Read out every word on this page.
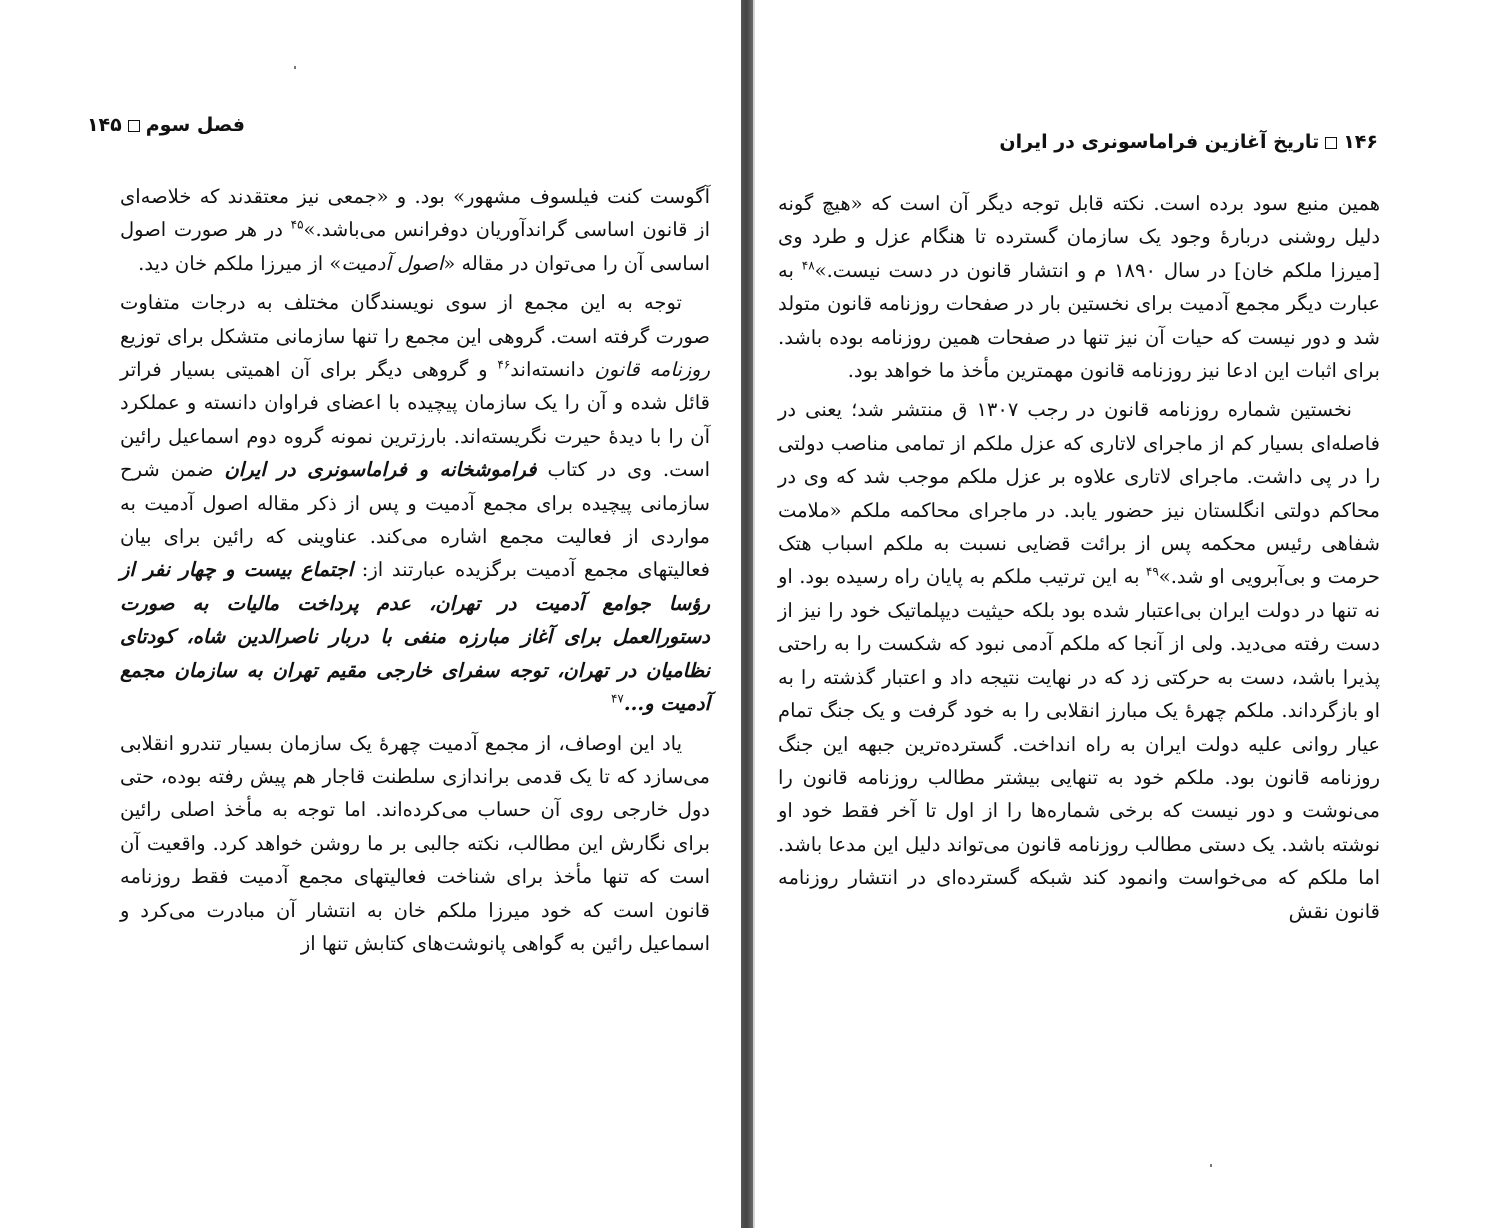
فصل سوم۱۴۵

آگوست کنت فیلسوف مشهور» بود. و «جمعی نیز معتقدند که خلاصه‌ای از قانون اساسی گراندآوریان دوفرانس می‌باشد.»$^{۴۵}$ در هر صورت اصول اساسی آن را می‌توان در مقاله «اصول آدمیت» از میرزا ملکم خان دید.

توجه به این مجمع از سوی نویسندگان مختلف به درجات متفاوت صورت گرفته است. گروهی این مجمع را تنها سازمانی متشکل برای توزیع روزنامه قانون دانسته‌اند$^{۴۶}$ و گروهی دیگر برای آن اهمیتی بسیار فراتر قائل شده و آن را یک سازمان پیچیده با اعضای فراوان دانسته و عملکرد آن را با دیدهٔ حیرت نگریسته‌اند. بارزترین نمونه گروه دوم اسماعیل رائین است. وی در کتاب فراموشخانه و فراماسونری در ایران ضمن شرح سازمانی پیچیده برای مجمع آدمیت و پس از ذکر مقاله اصول آدمیت به مواردی از فعالیت مجمع اشاره می‌کند. عناوینی که رائین برای بیان فعالیتهای مجمع آدمیت برگزیده عبارتند از: اجتماع بیست و چهار نفر از رؤسا جوامع آدمیت در تهران، عدم پرداخت مالیات به صورت دستورالعمل برای آغاز مبارزه منفی با دربار ناصرالدین شاه، کودتای نظامیان در تهران، توجه سفرای خارجی مقیم تهران به سازمان مجمع آدمیت و...$^{۴۷}$

یاد این اوصاف، از مجمع آدمیت چهرهٔ یک سازمان بسیار تندرو انقلابی می‌سازد که تا یک قدمی براندازی سلطنت قاجار هم پیش رفته بوده، حتی دول خارجی روی آن حساب می‌کرده‌اند. اما توجه به مأخذ اصلی رائین برای نگارش این مطالب، نکته جالبی بر ما روشن خواهد کرد. واقعیت آن است که تنها مأخذ برای شناخت فعالیتهای مجمع آدمیت فقط روزنامه قانون است که خود میرزا ملکم خان به انتشار آن مبادرت می‌کرد و اسماعیل رائین به گواهی پانوشت‌های کتابش تنها از

۱۴۶تاریخ آغازین فراماسونری در ایران

همین منبع سود برده است. نکته قابل توجه دیگر آن است که «هیچ گونه دلیل روشنی دربارهٔ وجود یک سازمان گسترده تا هنگام عزل و طرد وی [میرزا ملکم خان] در سال ۱۸۹۰ م و انتشار قانون در دست نیست.»$^{۴۸}$ به عبارت دیگر مجمع آدمیت برای نخستین بار در صفحات روزنامه قانون متولد شد و دور نیست که حیات آن نیز تنها در صفحات همین روزنامه بوده باشد. برای اثبات این ادعا نیز روزنامه قانون مهمترین مأخذ ما خواهد بود.

نخستین شماره روزنامه قانون در رجب ۱۳۰۷ ق منتشر شد؛ یعنی در فاصله‌ای بسیار کم از ماجرای لاتاری که عزل ملکم از تمامی مناصب دولتی را در پی داشت. ماجرای لاتاری علاوه بر عزل ملکم موجب شد که وی در محاکم دولتی انگلستان نیز حضور یابد. در ماجرای محاکمه ملکم «ملامت شفاهی رئیس محکمه پس از برائت قضایی نسبت به ملکم اسباب هتک حرمت و بی‌آبرویی او شد.»$^{۴۹}$ به این ترتیب ملکم به پایان راه رسیده بود. او نه تنها در دولت ایران بی‌اعتبار شده بود بلکه حیثیت دیپلماتیک خود را نیز از دست رفته می‌دید. ولی از آنجا که ملکم آدمی نبود که شکست را به راحتی پذیرا باشد، دست به حرکتی زد که در نهایت نتیجه داد و اعتبار گذشته را به او بازگرداند. ملکم چهرهٔ یک مبارز انقلابی را به خود گرفت و یک جنگ تمام عیار روانی علیه دولت ایران به راه انداخت. گسترده‌ترین جبهه این جنگ روزنامه قانون بود. ملکم خود به تنهایی بیشتر مطالب روزنامه قانون را می‌نوشت و دور نیست که برخی شماره‌ها را از اول تا آخر فقط خود او نوشته باشد. یک دستی مطالب روزنامه قانون می‌تواند دلیل این مدعا باشد. اما ملکم که می‌خواست وانمود کند شبکه گسترده‌ای در انتشار روزنامه قانون نقش
